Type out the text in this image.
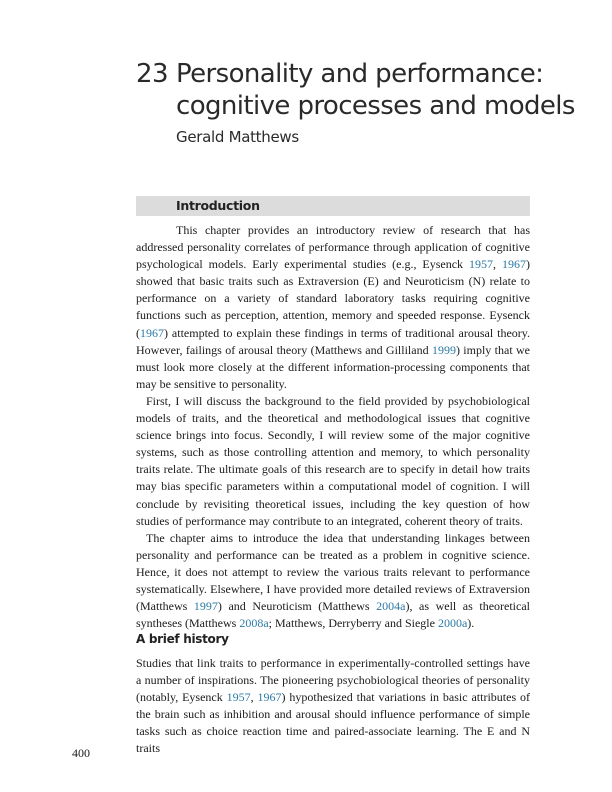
23 Personality and performance:
cognitive processes and models
Gerald Matthews
Introduction

This chapter provides an introductory review of research that has addressed personality correlates of performance through application of cognitive psychological models. Early experimental studies (e.g., Eysenck 1957, 1967) showed that basic traits such as Extraversion (E) and Neuroticism (N) relate to performance on a variety of standard laboratory tasks requiring cognitive functions such as perception, attention, memory and speeded response. Eysenck (1967) attempted to explain these findings in terms of traditional arousal theory. However, failings of arousal theory (Matthews and Gilliland 1999) imply that we must look more closely at the different information-processing components that may be sensitive to personality.

First, I will discuss the background to the field provided by psychobiological models of traits, and the theoretical and methodological issues that cognitive science brings into focus. Secondly, I will review some of the major cognitive systems, such as those controlling attention and memory, to which personality traits relate. The ultimate goals of this research are to specify in detail how traits may bias specific parameters within a computational model of cognition. I will conclude by revisiting theoretical issues, including the key question of how studies of performance may contribute to an integrated, coherent theory of traits.

The chapter aims to introduce the idea that understanding linkages between personality and performance can be treated as a problem in cognitive science. Hence, it does not attempt to review the various traits relevant to performance systematically. Elsewhere, I have provided more detailed reviews of Extraversion (Matthews 1997) and Neuroticism (Matthews 2004a), as well as theoretical syntheses (Matthews 2008a; Matthews, Derryberry and Siegle 2000a).

A brief history

Studies that link traits to performance in experimentally-controlled settings have a number of inspirations. The pioneering psychobiological theories of personality (notably, Eysenck 1957, 1967) hypothesized that variations in basic attributes of the brain such as inhibition and arousal should influence performance of simple tasks such as choice reaction time and paired-associate learning. The E and N traits

400
